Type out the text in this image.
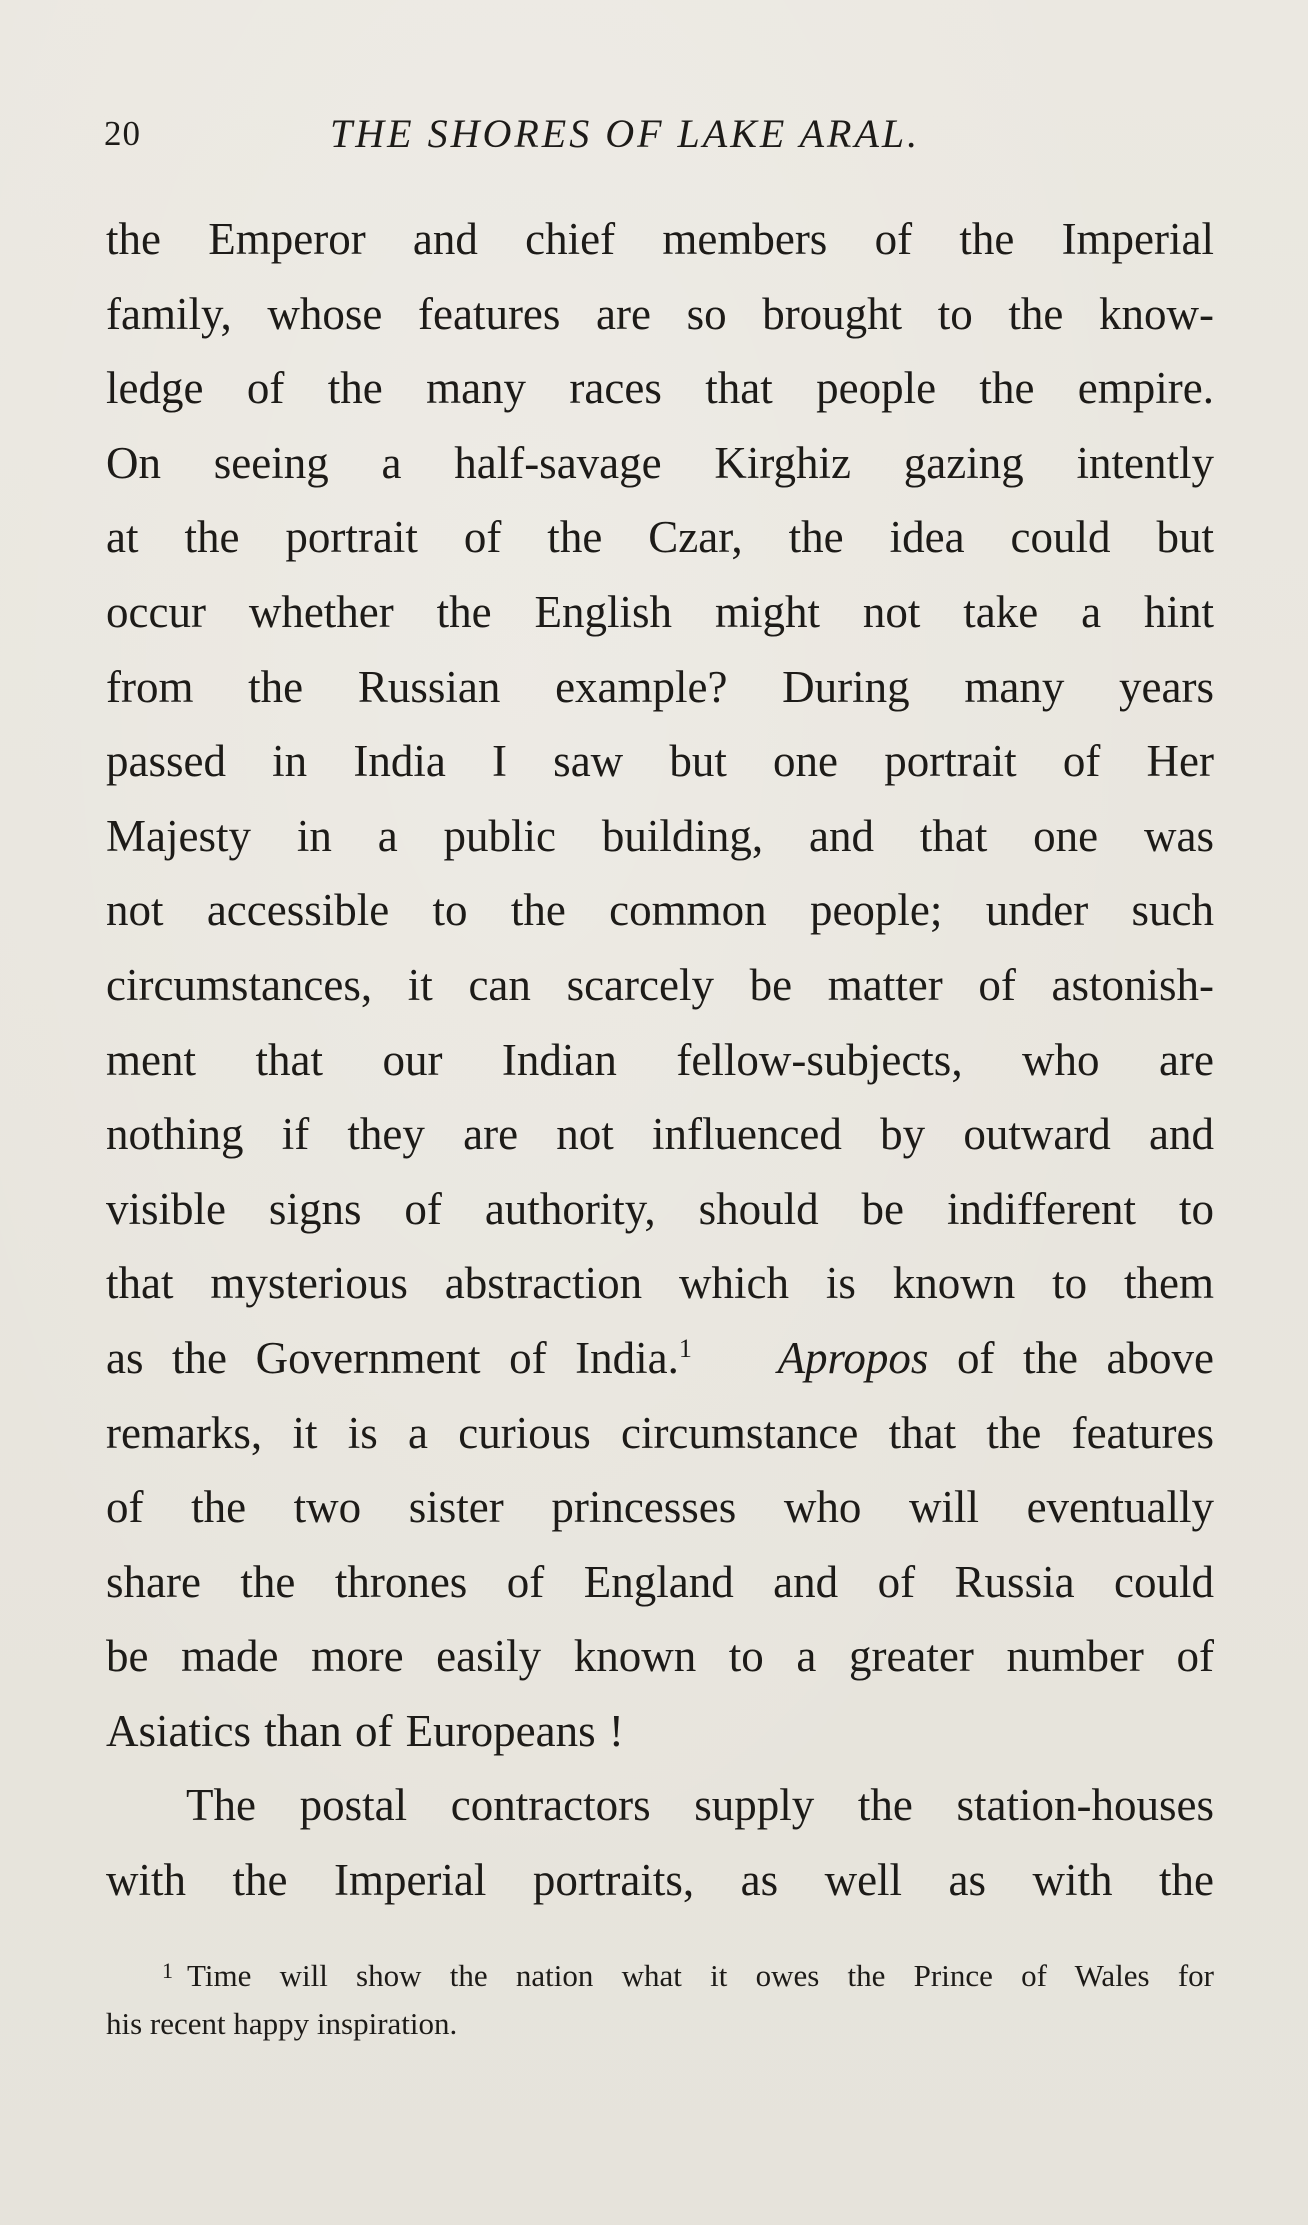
20	THE SHORES OF LAKE ARAL.
the Emperor and chief members of the Imperial
family, whose features are so brought to the know-
ledge of the many races that people the empire.
On seeing a half-savage Kirghiz gazing intently
at the portrait of the Czar, the idea could but
occur whether the English might not take a hint
from the Russian example? During many years
passed in India I saw but one portrait of Her
Majesty in a public building, and that one was
not accessible to the common people; under such
circumstances, it can scarcely be matter of astonish-
ment that our Indian fellow-subjects, who are
nothing if they are not influenced by outward and
visible signs of authority, should be indifferent to
that mysterious abstraction which is known to them
as the Government of India.$^1$ Apropos of the above
remarks, it is a curious circumstance that the features
of the two sister princesses who will eventually
share the thrones of England and of Russia could
be made more easily known to a greater number of
Asiatics than of Europeans !
The postal contractors supply the station-houses
with the Imperial portraits, as well as with the
$^1$ Time will show the nation what it owes the Prince of Wales for
his recent happy inspiration.
